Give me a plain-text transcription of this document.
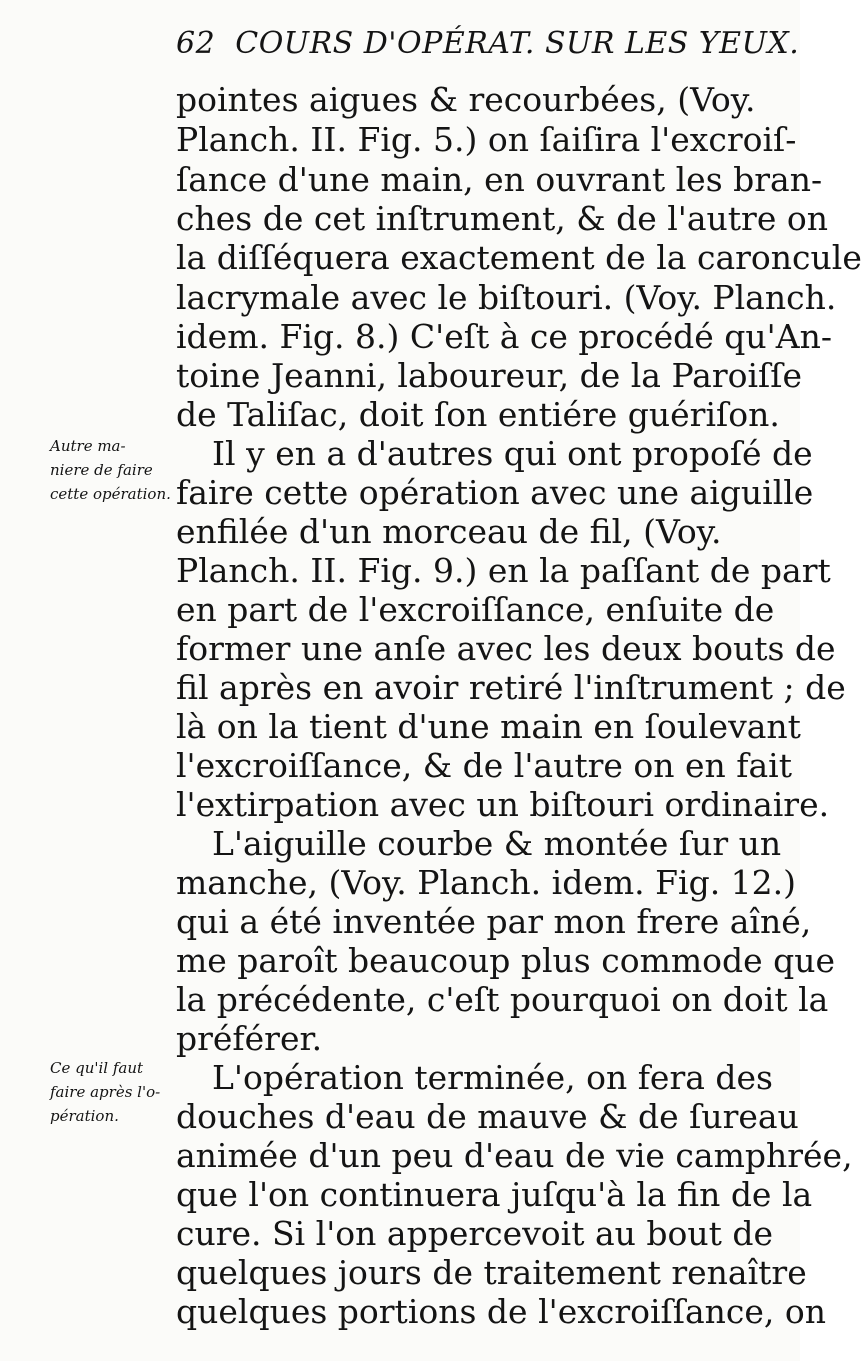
62 COURS D'OPÉRAT. SUR LES YEUX.
pointes aigues & recourbées, (Voy.
Planch. II. Fig. 5.) on ſaiſira l'excroiſ-
ſance d'une main, en ouvrant les bran-
ches de cet inſtrument, & de l'autre on
la diſſéquera exactement de la caroncule
lacrymale avec le biſtouri. (Voy. Planch.
idem. Fig. 8.) C'eſt à ce procédé qu'An-
toine Jeanni, laboureur, de la Paroiſſe
de Taliſac, doit ſon entiére guériſon.
Il y en a d'autres qui ont propoſé de
faire cette opération avec une aiguille
enfilée d'un morceau de fil, (Voy.
Planch. II. Fig. 9.) en la paſſant de part
en part de l'excroiſſance, enſuite de
former une anſe avec les deux bouts de
fil après en avoir retiré l'inſtrument ; de
là on la tient d'une main en ſoulevant
l'excroiſſance, & de l'autre on en fait
l'extirpation avec un biſtouri ordinaire.
L'aiguille courbe & montée ſur un
manche, (Voy. Planch. idem. Fig. 12.)
qui a été inventée par mon frere aîné,
me paroît beaucoup plus commode que
la précédente, c'eſt pourquoi on doit la
préférer.
L'opération terminée, on fera des
douches d'eau de mauve & de ſureau
animée d'un peu d'eau de vie camphrée,
que l'on continuera juſqu'à la fin de la
cure. Si l'on appercevoit au bout de
quelques jours de traitement renaître
quelques portions de l'excroiſſance, on
Autre ma-
niere de faire
cette opération.
Ce qu'il faut
faire après l'o-
pération.
